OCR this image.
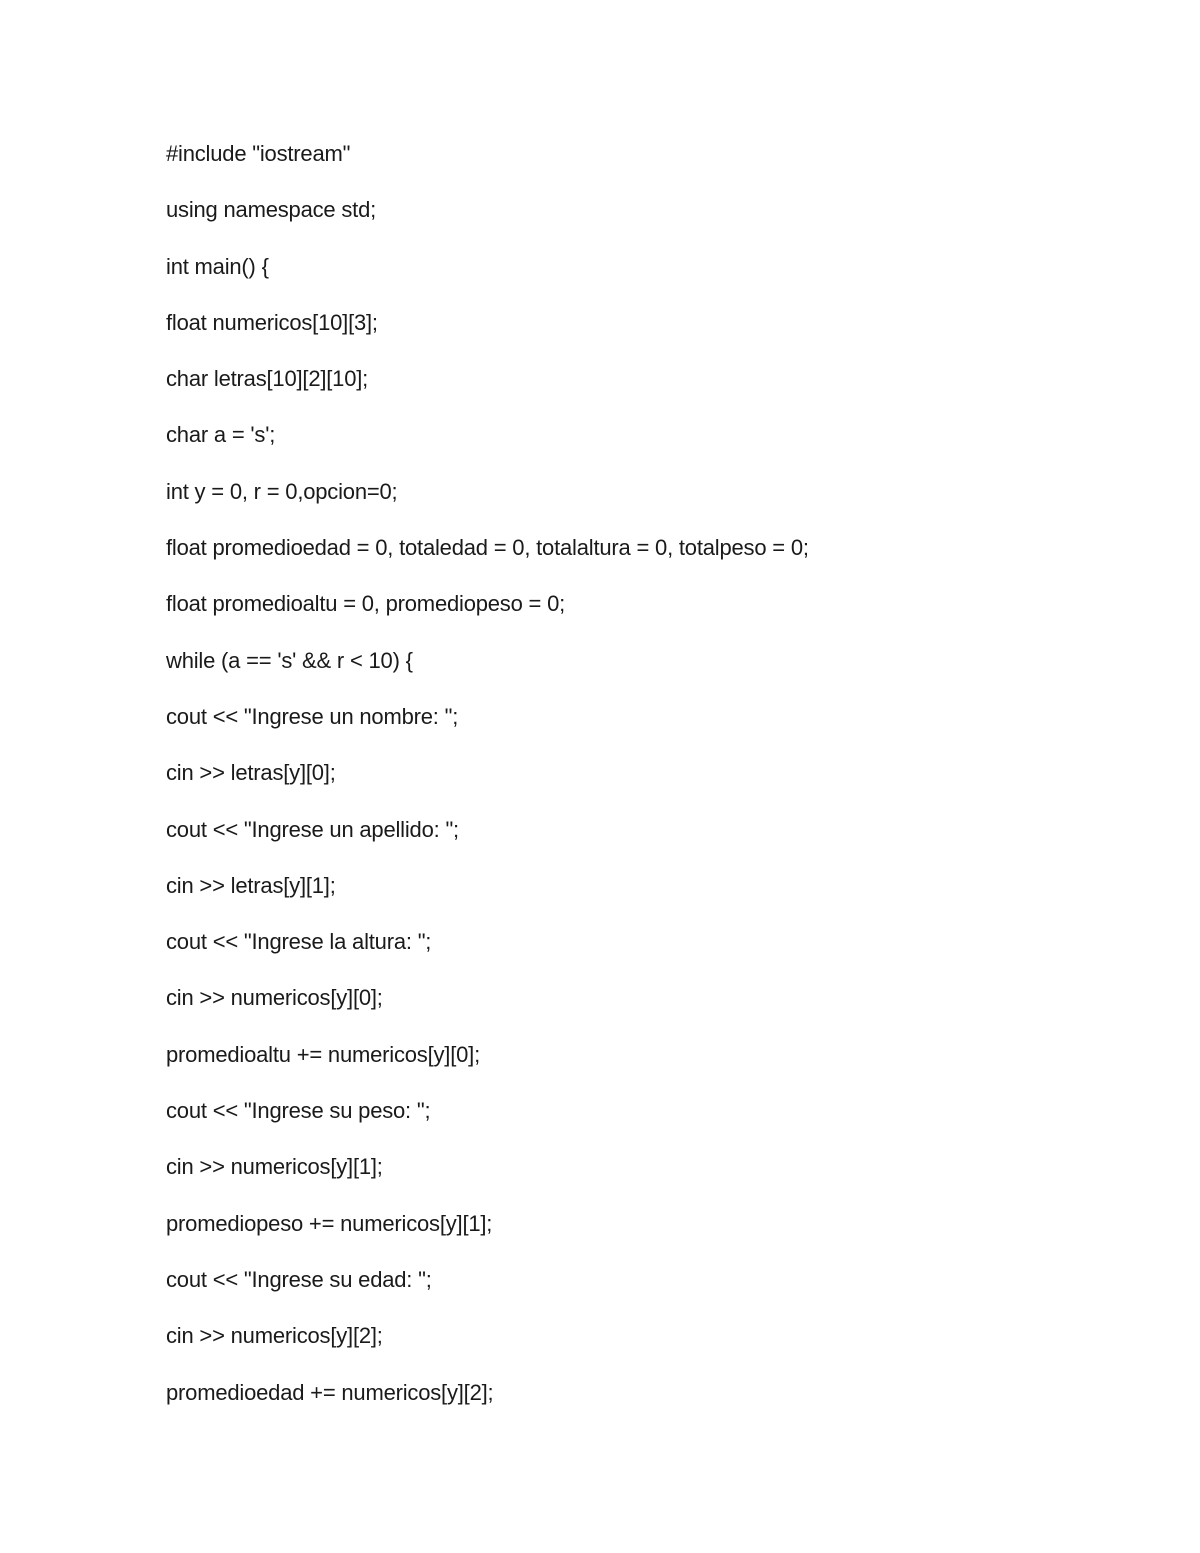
#include "iostream"
using namespace std;
int main() {
float numericos[10][3];
char letras[10][2][10];
char a = 's';
int y = 0, r = 0,opcion=0;
float promedioedad = 0, totaledad = 0, totalaltura = 0, totalpeso = 0;
float promedioaltu = 0, promediopeso = 0;
while (a == 's' && r < 10) {
cout << "Ingrese un nombre: ";
cin >> letras[y][0];
cout << "Ingrese un apellido: ";
cin >> letras[y][1];
cout << "Ingrese la altura: ";
cin >> numericos[y][0];
promedioaltu += numericos[y][0];
cout << "Ingrese su peso: ";
cin >> numericos[y][1];
promediopeso += numericos[y][1];
cout << "Ingrese su edad: ";
cin >> numericos[y][2];
promedioedad += numericos[y][2];
